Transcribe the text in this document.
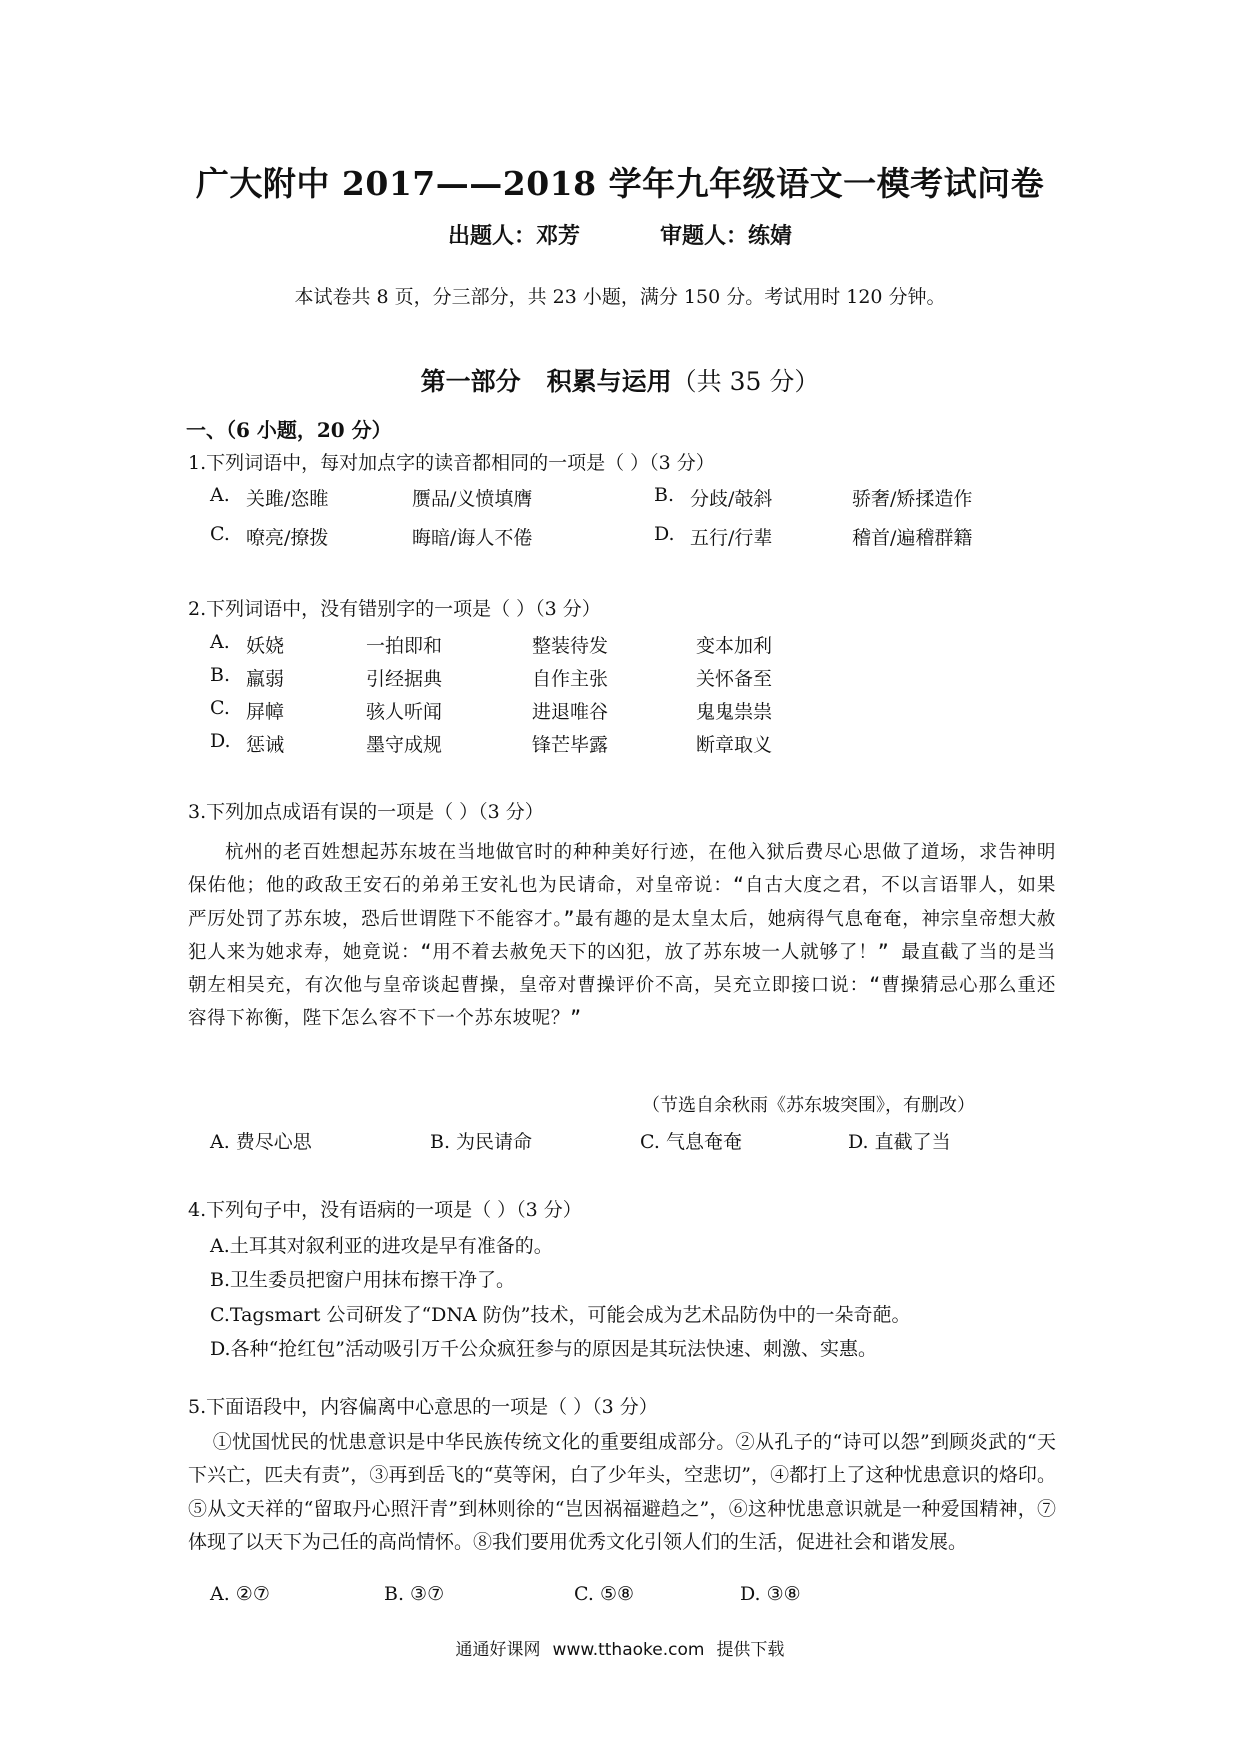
广大附中 2017——2018 学年九年级语文一模考试问卷
出题人：邓芳	审题人：练婧
本试卷共 8 页，分三部分，共 23 小题，满分 150 分。考试用时 120 分钟。
第一部分 积累与运用（共 35 分）
一、（6 小题，20 分）
1.下列词语中，每对加点字的读音都相同的一项是（ ）（3 分）
A. 关雎/恣睢	赝品/义愤填膺	B. 分歧/攲斜	骄奢/矫揉造作
C. 嘹亮/撩拨	晦暗/诲人不倦	D. 五行/行辈	稽首/遍稽群籍
2.下列词语中，没有错别字的一项是（ ）（3 分）
A. 妖娆	一拍即和	整装待发	变本加利
B. 羸弱	引经据典	自作主张	关怀备至
C. 屏幛	骇人听闻	进退唯谷	鬼鬼祟祟
D. 惩诫	墨守成规	锋芒毕露	断章取义
3.下列加点成语有误的一项是（ ）（3 分）
杭州的老百姓想起苏东坡在当地做官时的种种美好行迹，在他入狱后费尽心思做了道场，求告神明保佑他；他的政敌王安石的弟弟王安礼也为民请命，对皇帝说：“自古大度之君，不以言语罪人，如果严厉处罚了苏东坡，恐后世谓陛下不能容才。”最有趣的是太皇太后，她病得气息奄奄，神宗皇帝想大赦犯人来为她求寿，她竟说：“用不着去赦免天下的凶犯，放了苏东坡一人就够了！” 最直截了当的是当朝左相吴充，有次他与皇帝谈起曹操，皇帝对曹操评价不高，吴充立即接口说：“曹操猜忌心那么重还容得下祢衡，陛下怎么容不下一个苏东坡呢？”
（节选自余秋雨《苏东坡突围》，有删改）
A. 费尽心思	B. 为民请命	C. 气息奄奄	D. 直截了当
4.下列句子中，没有语病的一项是（ ）（3 分）
A.土耳其对叙利亚的进攻是早有准备的。
B.卫生委员把窗户用抹布擦干净了。
C.Tagsmart 公司研发了“DNA 防伪”技术，可能会成为艺术品防伪中的一朵奇葩。
D.各种“抢红包”活动吸引万千公众疯狂参与的原因是其玩法快速、刺激、实惠。
5.下面语段中，内容偏离中心意思的一项是（ ）（3 分）
①忧国忧民的忧患意识是中华民族传统文化的重要组成部分。②从孔子的“诗可以怨”到顾炎武的“天下兴亡，匹夫有责”，③再到岳飞的“莫等闲，白了少年头，空悲切”，④都打上了这种忧患意识的烙印。⑤从文天祥的“留取丹心照汗青”到林则徐的“岂因祸福避趋之”，⑥这种忧患意识就是一种爱国精神，⑦体现了以天下为己任的高尚情怀。⑧我们要用优秀文化引领人们的生活，促进社会和谐发展。
A. ②⑦	B. ③⑦	C. ⑤⑧	D. ③⑧
通通好课网 www.tthaoke.com 提供下载
